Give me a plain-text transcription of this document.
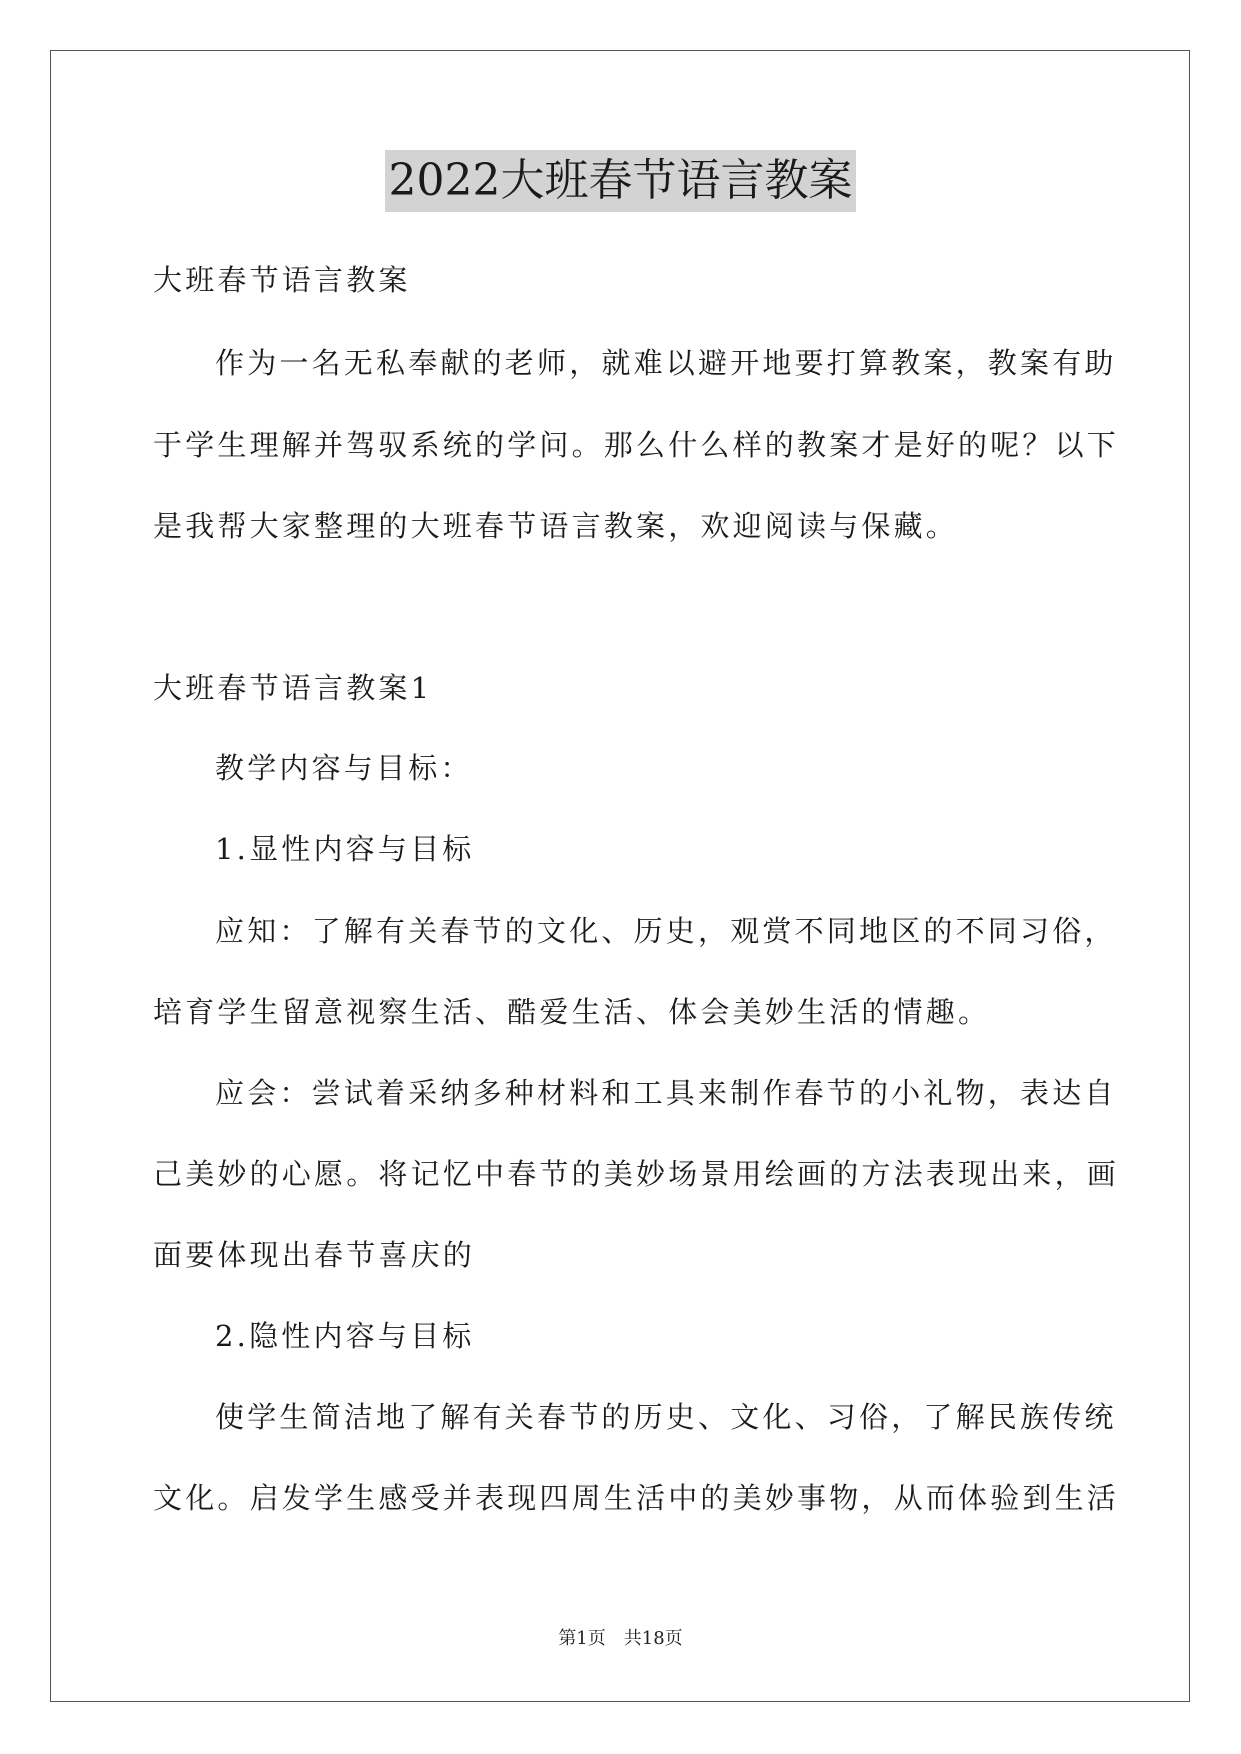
2022大班春节语言教案
大班春节语言教案
作为一名无私奉献的老师，就难以避开地要打算教案，教案有助
于学生理解并驾驭系统的学问。那么什么样的教案才是好的呢？以下
是我帮大家整理的大班春节语言教案，欢迎阅读与保藏。
大班春节语言教案1
教学内容与目标：
1.显性内容与目标
应知：了解有关春节的文化、历史，观赏不同地区的不同习俗，
培育学生留意视察生活、酷爱生活、体会美妙生活的情趣。
应会：尝试着采纳多种材料和工具来制作春节的小礼物，表达自
己美妙的心愿。将记忆中春节的美妙场景用绘画的方法表现出来，画
面要体现出春节喜庆的
2.隐性内容与目标
使学生简洁地了解有关春节的历史、文化、习俗，了解民族传统
文化。启发学生感受并表现四周生活中的美妙事物，从而体验到生活
第1页　共18页
